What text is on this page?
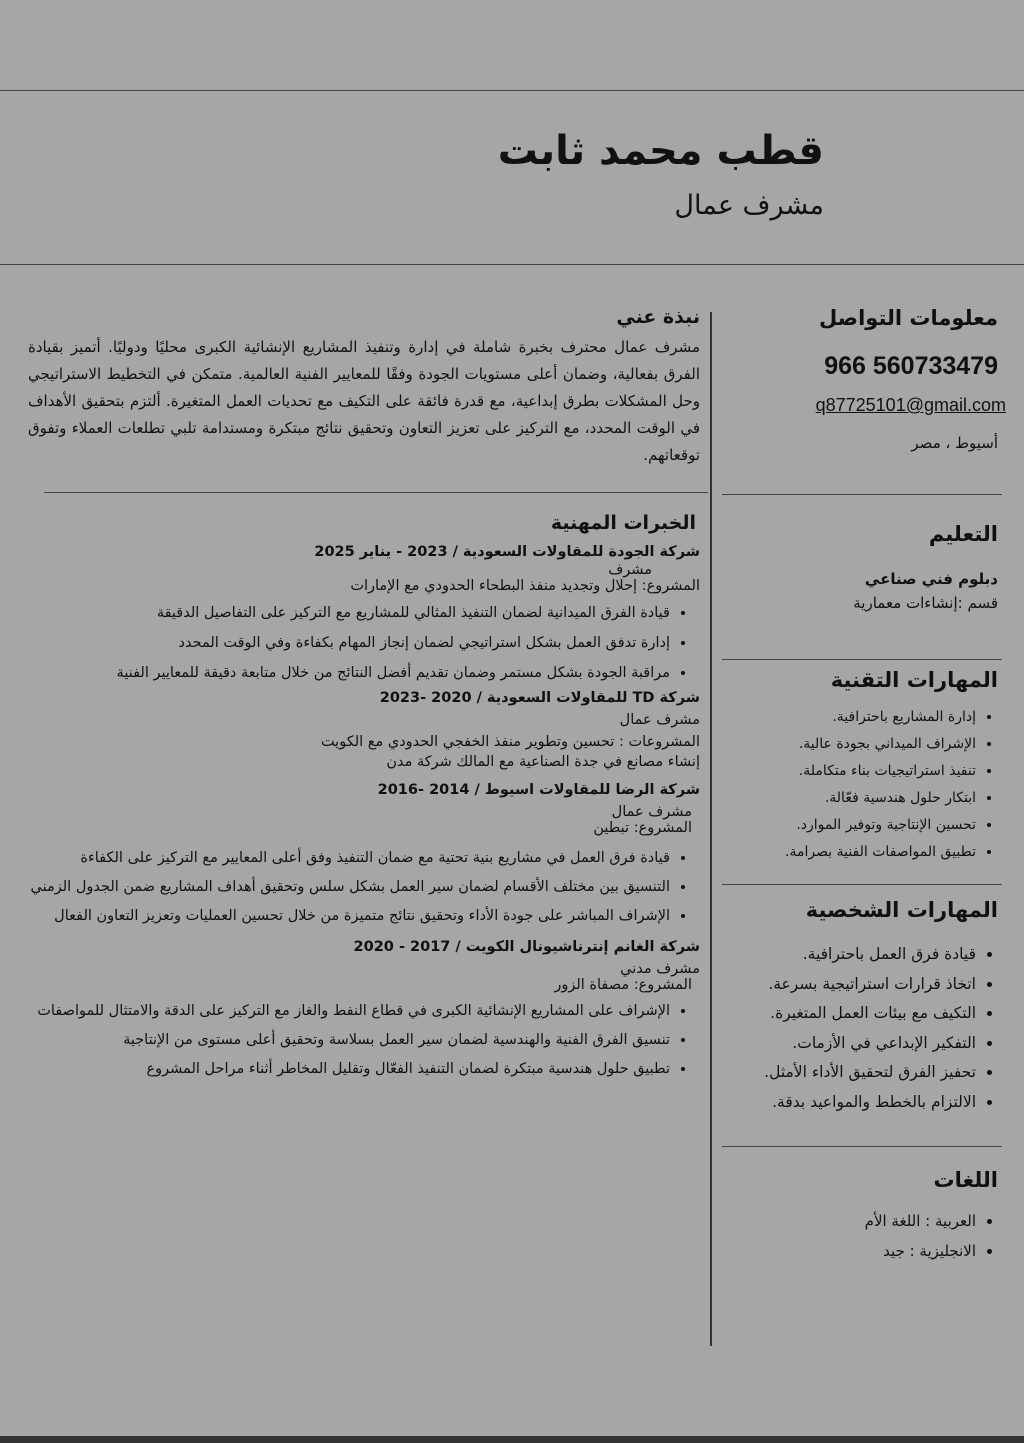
قطب محمد ثابت
مشرف عمال
معلومات التواصل
966 560733479
q87725101@gmail.com
أسيوط ، مصر
التعليم
دبلوم فني صناعي
قسم :إنشاءات معمارية
المهارات التقنية
• إدارة المشاريع باحترافية.
• الإشراف الميداني بجودة عالية.
• تنفيذ استراتيجيات بناء متكاملة.
• ابتكار حلول هندسية فعّالة.
• تحسين الإنتاجية وتوفير الموارد.
• تطبيق المواصفات الفنية بصرامة.
المهارات الشخصية
• قيادة فرق العمل باحترافية.
• اتخاذ قرارات استراتيجية بسرعة.
• التكيف مع بيئات العمل المتغيرة.
• التفكير الإبداعي في الأزمات.
• تحفيز الفرق لتحقيق الأداء الأمثل.
• الالتزام بالخطط والمواعيد بدقة.
اللغات
• العربية : اللغة الأم
• الانجليزية : جيد
نبذة عني
مشرف عمال محترف بخبرة شاملة في إدارة وتنفيذ المشاريع الإنشائية الكبرى محليًا ودوليًا. أتميز بقيادة الفرق بفعالية، وضمان أعلى مستويات الجودة وفقًا للمعايير الفنية العالمية. متمكن في التخطيط الاستراتيجي وحل المشكلات بطرق إبداعية، مع قدرة فائقة على التكيف مع تحديات العمل المتغيرة. ألتزم بتحقيق الأهداف في الوقت المحدد، مع التركيز على تعزيز التعاون وتحقيق نتائج مبتكرة ومستدامة تلبي تطلعات العملاء وتفوق توقعاتهم.
الخبرات المهنية
شركة الجودة للمقاولات السعودية / 2023 - يناير 2025
مشرف
المشروع: إحلال وتجديد منفذ البطحاء الحدودي مع الإمارات
• قيادة الفرق الميدانية لضمان التنفيذ المثالي للمشاريع مع التركيز على التفاصيل الدقيقة
• إدارة تدفق العمل بشكل استراتيجي لضمان إنجاز المهام بكفاءة وفي الوقت المحدد
• مراقبة الجودة بشكل مستمر وضمان تقديم أفضل النتائج من خلال متابعة دقيقة للمعايير الفنية
شركة TD للمقاولات السعودية / 2020 -2023
مشرف عمال
المشروعات : تحسين وتطوير منفذ الخفجي الحدودي مع الكويت
إنشاء مصانع في جدة الصناعية مع المالك شركة مدن
شركة الرضا للمقاولات اسيوط / 2014 -2016
مشرف عمال
المشروع: تبطين
• قيادة فرق العمل في مشاريع بنية تحتية مع ضمان التنفيذ وفق أعلى المعايير مع التركيز على الكفاءة
• التنسيق بين مختلف الأقسام لضمان سير العمل بشكل سلس وتحقيق أهداف المشاريع ضمن الجدول الزمني
• الإشراف المباشر على جودة الأداء وتحقيق نتائج متميزة من خلال تحسين العمليات وتعزيز التعاون الفعال
شركة الغانم إنترناشيونال الكويت / 2017 - 2020
مشرف مدني
المشروع: مصفاة الزور
• الإشراف على المشاريع الإنشائية الكبرى في قطاع النفط والغاز مع التركيز على الدقة والامتثال للمواصفات
• تنسيق الفرق الفنية والهندسية لضمان سير العمل بسلاسة وتحقيق أعلى مستوى من الإنتاجية
• تطبيق حلول هندسية مبتكرة لضمان التنفيذ الفعّال وتقليل المخاطر أثناء مراحل المشروع
